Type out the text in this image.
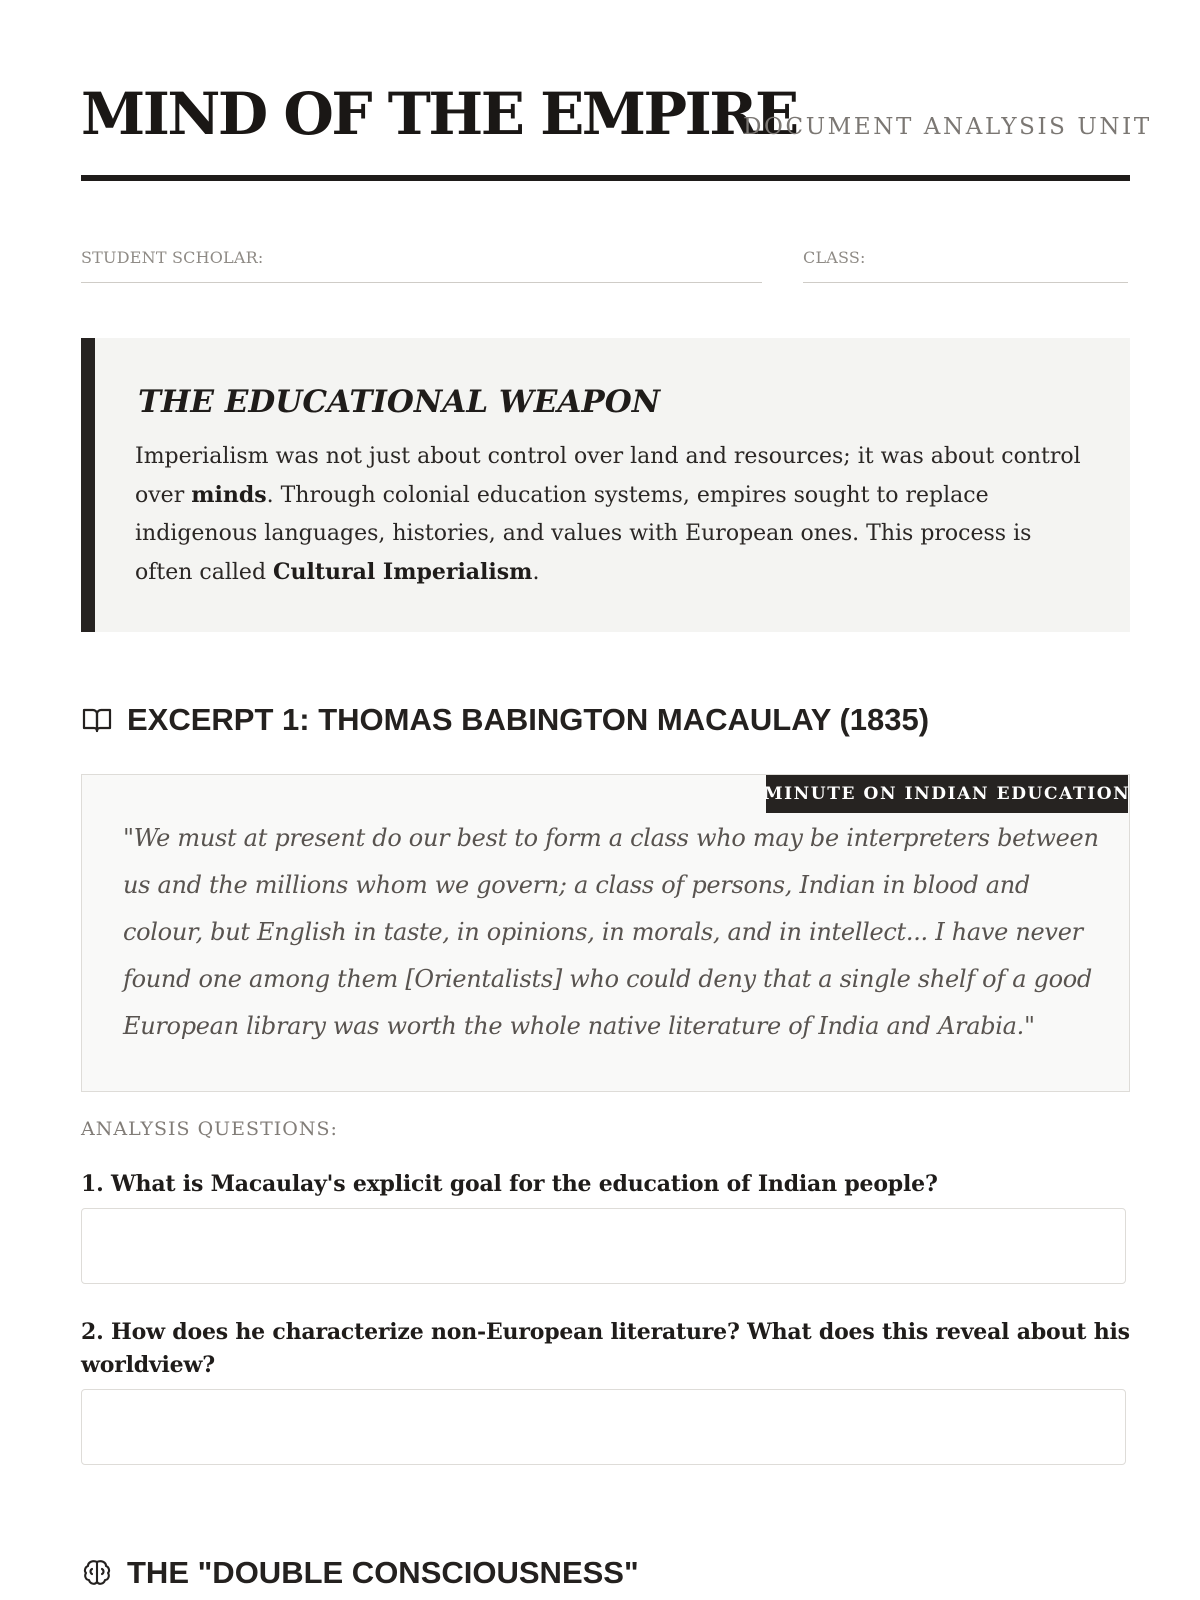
MIND OF THE EMPIRE
DOCUMENT ANALYSIS UNIT
STUDENT SCHOLAR:	CLASS:
THE EDUCATIONAL WEAPON

Imperialism was not just about control over land and resources; it was about control over minds. Through colonial education systems, empires sought to replace indigenous languages, histories, and values with European ones. This process is often called Cultural Imperialism.

EXCERPT 1: THOMAS BABINGTON MACAULAY (1835)
MINUTE ON INDIAN EDUCATION

"We must at present do our best to form a class who may be interpreters between us and the millions whom we govern; a class of persons, Indian in blood and colour, but English in taste, in opinions, in morals, and in intellect... I have never found one among them [Orientalists] who could deny that a single shelf of a good European library was worth the whole native literature of India and Arabia."

ANALYSIS QUESTIONS:

1. What is Macaulay's explicit goal for the education of Indian people?

2. How does he characterize non-European literature? What does this reveal about his worldview?

THE "DOUBLE CONSCIOUSNESS"
